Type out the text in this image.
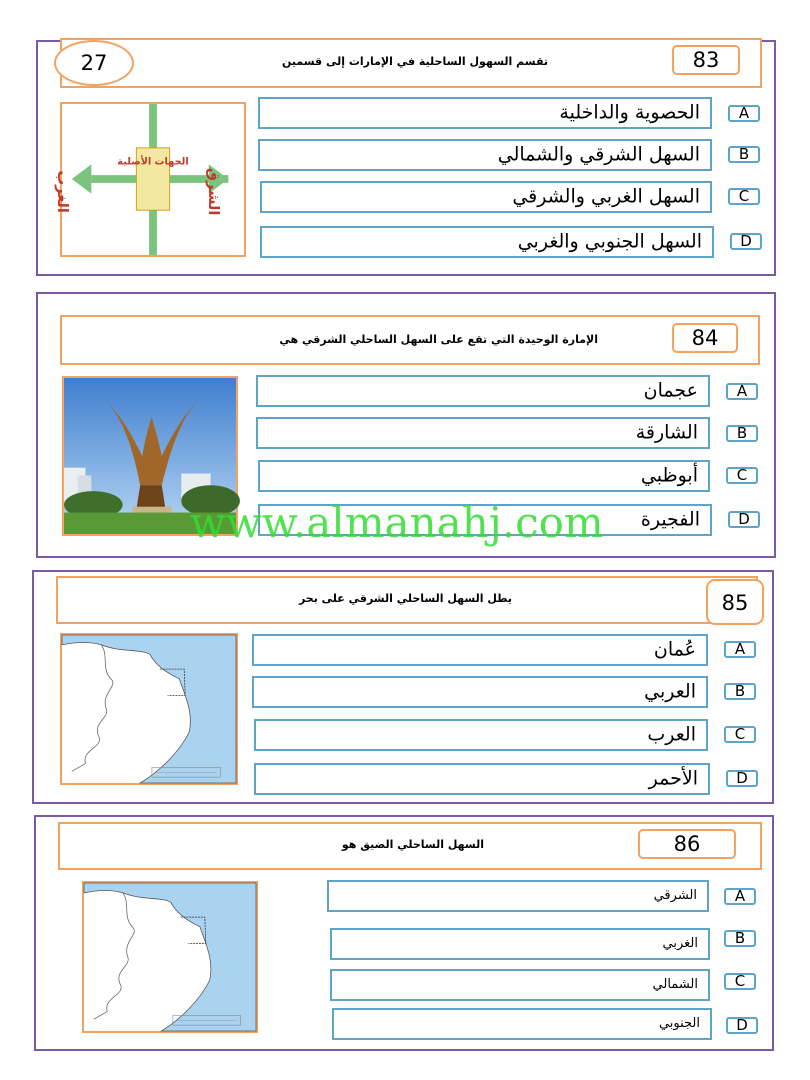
27	تقسم السهول الساحلية في الإمارات إلى قسمين	83
الجهات الأصلية
الغرب	الشرق
الحصوية والداخلية	A
السهل الشرقي والشمالي	B
السهل الغربي والشرقي	C
السهل الجنوبي والغربي	D
الإمارة الوحيدة التي تقع على السهل الساحلي الشرقي هي	84
عجمان	A
الشارقة	B
أبوظبي	C
الفجيرة	D
www.almanahj.com
يطل السهل الساحلي الشرقي على بحر	85
عُمان	A
العربي	B
العرب	C
الأحمر	D
السهل الساحلي الضيق هو	86
الشرقي	A
الغربي	B
الشمالي	C
الجنوبي	D
